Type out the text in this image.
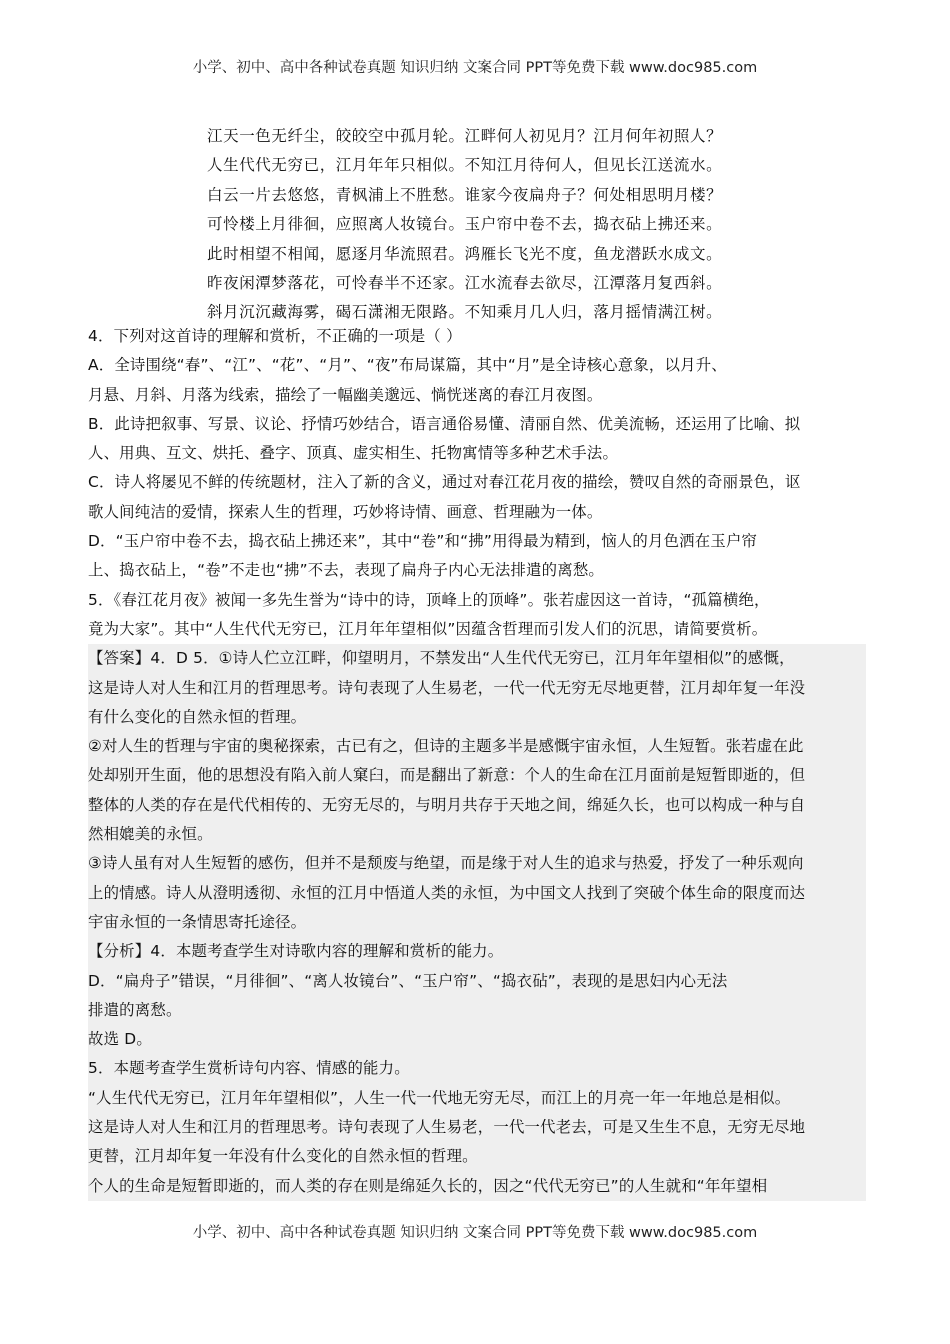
小学、初中、高中各种试卷真题 知识归纳 文案合同 PPT等免费下载 www.doc985.com
江天一色无纤尘，皎皎空中孤月轮。江畔何人初见月？江月何年初照人？
人生代代无穷已，江月年年只相似。不知江月待何人，但见长江送流水。
白云一片去悠悠，青枫浦上不胜愁。谁家今夜扁舟子？何处相思明月楼？
可怜楼上月徘徊，应照离人妆镜台。玉户帘中卷不去，捣衣砧上拂还来。
此时相望不相闻，愿逐月华流照君。鸿雁长飞光不度，鱼龙潜跃水成文。
昨夜闲潭梦落花，可怜春半不还家。江水流春去欲尽，江潭落月复西斜。
斜月沉沉藏海雾，碣石潇湘无限路。不知乘月几人归，落月摇情满江树。
4．下列对这首诗的理解和赏析，不正确的一项是（ ）
A．全诗围绕“春”、“江”、“花”、“月”、“夜”布局谋篇，其中“月”是全诗核心意象，以月升、
月悬、月斜、月落为线索，描绘了一幅幽美邈远、惝恍迷离的春江月夜图。
B．此诗把叙事、写景、议论、抒情巧妙结合，语言通俗易懂、清丽自然、优美流畅，还运用了比喻、拟
人、用典、互文、烘托、叠字、顶真、虚实相生、托物寓情等多种艺术手法。
C．诗人将屡见不鲜的传统题材，注入了新的含义，通过对春江花月夜的描绘，赞叹自然的奇丽景色，讴
歌人间纯洁的爱情，探索人生的哲理，巧妙将诗情、画意、哲理融为一体。
D．“玉户帘中卷不去，捣衣砧上拂还来”，其中“卷”和“拂”用得最为精到，恼人的月色洒在玉户帘
上、捣衣砧上，“卷”不走也“拂”不去，表现了扁舟子内心无法排遣的离愁。
5．《春江花月夜》被闻一多先生誉为“诗中的诗，顶峰上的顶峰”。张若虚因这一首诗，“孤篇横绝，
竟为大家”。其中“人生代代无穷已，江月年年望相似”因蕴含哲理而引发人们的沉思，请简要赏析。
【答案】4．D 5．①诗人伫立江畔，仰望明月，不禁发出“人生代代无穷已，江月年年望相似”的感慨，
这是诗人对人生和江月的哲理思考。诗句表现了人生易老，一代一代无穷无尽地更替，江月却年复一年没
有什么变化的自然永恒的哲理。
②对人生的哲理与宇宙的奥秘探索，古已有之，但诗的主题多半是感慨宇宙永恒，人生短暂。张若虚在此
处却别开生面，他的思想没有陷入前人窠臼，而是翻出了新意：个人的生命在江月面前是短暂即逝的，但
整体的人类的存在是代代相传的、无穷无尽的，与明月共存于天地之间，绵延久长，也可以构成一种与自
然相媲美的永恒。
③诗人虽有对人生短暂的感伤，但并不是颓废与绝望，而是缘于对人生的追求与热爱，抒发了一种乐观向
上的情感。诗人从澄明透彻、永恒的江月中悟道人类的永恒，为中国文人找到了突破个体生命的限度而达
宇宙永恒的一条情思寄托途径。
【分析】4．本题考查学生对诗歌内容的理解和赏析的能力。
D．“扁舟子”错误，“月徘徊”、“离人妆镜台”、“玉户帘”、“捣衣砧”，表现的是思妇内心无法
排遣的离愁。
故选 D。
5．本题考查学生赏析诗句内容、情感的能力。
“人生代代无穷已，江月年年望相似”，人生一代一代地无穷无尽，而江上的月亮一年一年地总是相似。
这是诗人对人生和江月的哲理思考。诗句表现了人生易老，一代一代老去，可是又生生不息，无穷无尽地
更替，江月却年复一年没有什么变化的自然永恒的哲理。
个人的生命是短暂即逝的，而人类的存在则是绵延久长的，因之“代代无穷已”的人生就和“年年望相
小学、初中、高中各种试卷真题 知识归纳 文案合同 PPT等免费下载 www.doc985.com
